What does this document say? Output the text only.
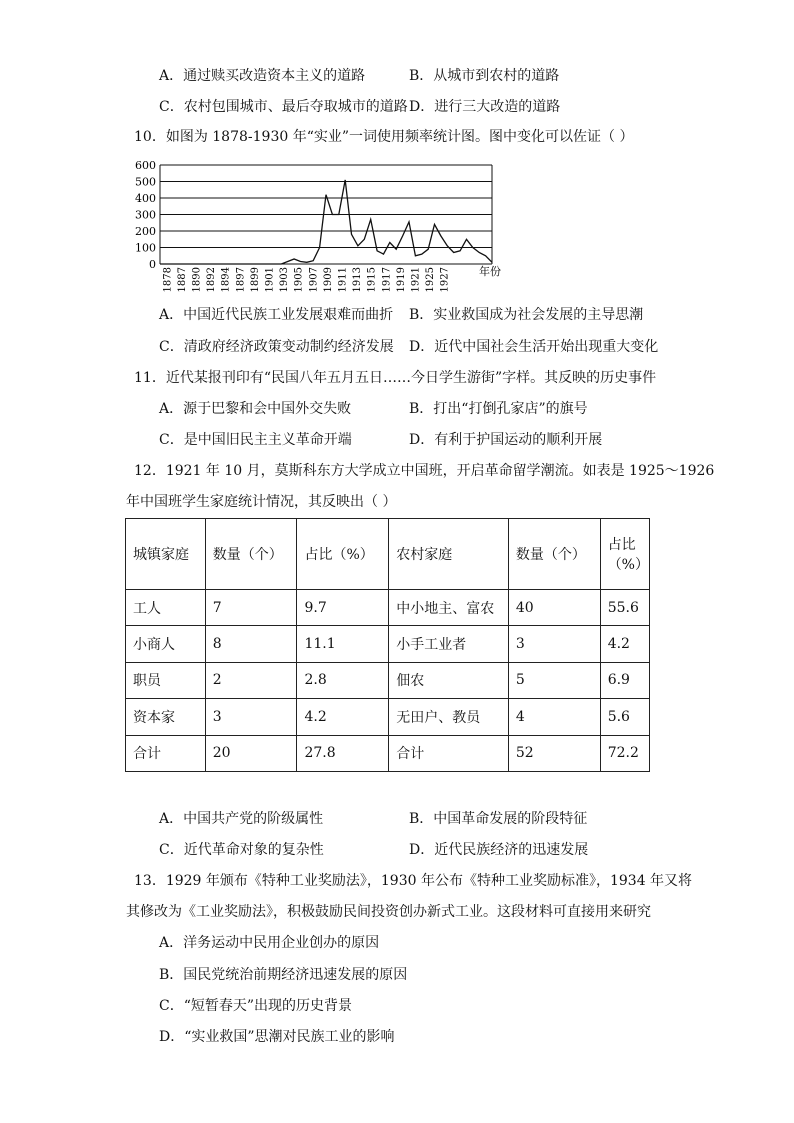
A．通过赎买改造资本主义的道路	B．从城市到农村的道路
C．农村包围城市、最后夺取城市的道路 D．进行三大改造的道路
10．如图为 1878-1930 年“实业”一词使用频率统计图。图中变化可以佐证（ ）
0
100
200
300
400
500
600
1878 1887 1890 1892 1894 1897 1899 1901 1903 1905 1907 1909 1911 1913 1915 1917 1919 1921 1925 1927	年份
A．中国近代民族工业发展艰难而曲折 B．实业救国成为社会发展的主导思潮
C．清政府经济政策变动制约经济发展 D．近代中国社会生活开始出现重大变化
11．近代某报刊印有“民国八年五月五日……今日学生游街”字样。其反映的历史事件
A．源于巴黎和会中国外交失败	B．打出“打倒孔家店”的旗号
C．是中国旧民主主义革命开端	D．有利于护国运动的顺利开展
12．1921 年 10 月，莫斯科东方大学成立中国班，开启革命留学潮流。如表是 1925～1926
年中国班学生家庭统计情况，其反映出（ ）
城镇家庭	数量（个）	占比（%）	农村家庭	数量（个）	占比（%）
工人	7	9.7	中小地主、富农	40	55.6
小商人	8	11.1	小手工业者	3	4.2
职员	2	2.8	佃农	5	6.9
资本家	3	4.2	无田户、教员	4	5.6
合计	20	27.8	合计	52	72.2
A．中国共产党的阶级属性	B．中国革命发展的阶段特征
C．近代革命对象的复杂性	D．近代民族经济的迅速发展
13．1929 年颁布《特种工业奖励法》，1930 年公布《特种工业奖励标准》，1934 年又将
其修改为《工业奖励法》，积极鼓励民间投资创办新式工业。这段材料可直接用来研究
A．洋务运动中民用企业创办的原因
B．国民党统治前期经济迅速发展的原因
C．“短暂春天”出现的历史背景
D．“实业救国”思潮对民族工业的影响
